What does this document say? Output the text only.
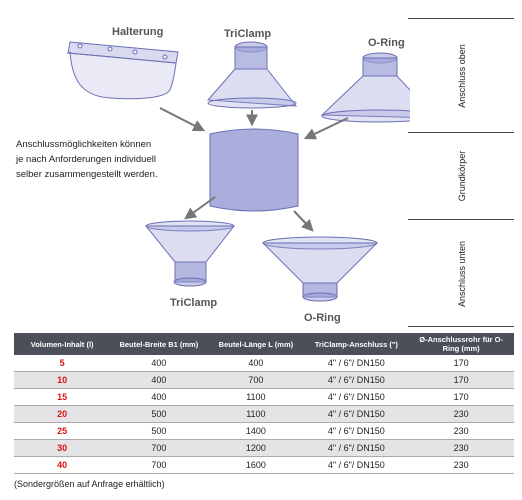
Halterung	TriClamp
O-Ring
TriClamp
O-Ring
Anschlussmöglichkeiten können
je nach Anforderungen individuell
selber zusammengestellt werden.
Anschluss oben
Grundkörper
Anschluss unten
Volumen-Inhalt (l)	Beutel-Breite B1 (mm)	Beutel-Länge L (mm)	TriClamp-Anschluss (")	Ø-Anschlussrohr für O-Ring (mm)
5	400	400	4" / 6"/ DN150	170
10	400	700	4" / 6"/ DN150	170
15	400	1100	4" / 6"/ DN150	170
20	500	1100	4" / 6"/ DN150	230
25	500	1400	4" / 6"/ DN150	230
30	700	1200	4" / 6"/ DN150	230
40	700	1600	4" / 6"/ DN150	230
(Sondergrößen auf Anfrage erhältlich)
